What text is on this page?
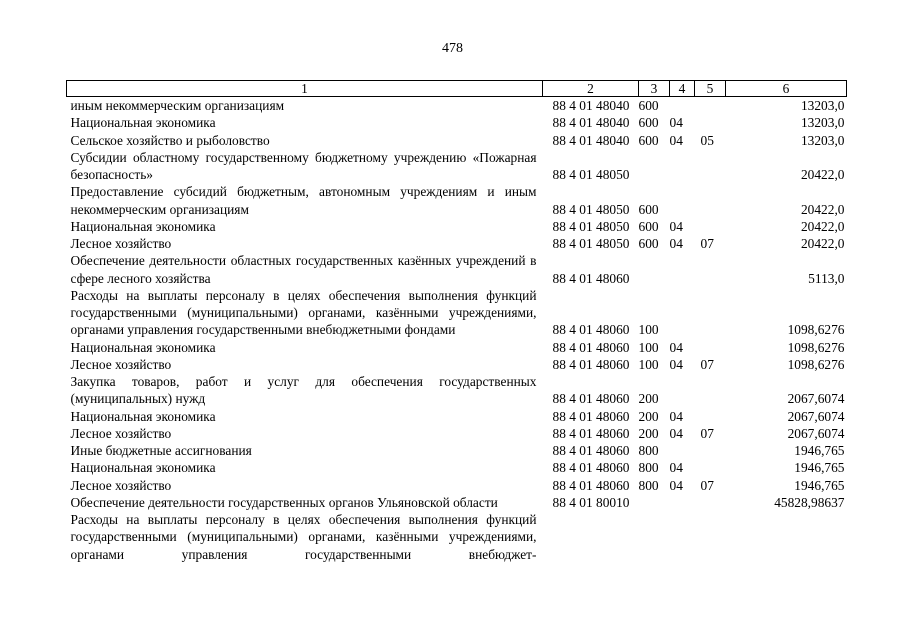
478
1	2	3	4	5	6
иным некоммерческим организациям	88 4 01 48040	600			13203,0
Национальная экономика	88 4 01 48040	600	04		13203,0
Сельское хозяйство и рыболовство	88 4 01 48040	600	04	05	13203,0
Субсидии областному государственному бюджетному учреждению «Пожарная безопасность»	88 4 01 48050				20422,0
Предоставление субсидий бюджетным, автономным учреждениям и иным некоммерческим организациям	88 4 01 48050	600			20422,0
Национальная экономика	88 4 01 48050	600	04		20422,0
Лесное хозяйство	88 4 01 48050	600	04	07	20422,0
Обеспечение деятельности областных государственных казённых учреждений в сфере лесного хозяйства	88 4 01 48060				5113,0
Расходы на выплаты персоналу в целях обеспечения выполнения функций государственными (муниципальными) органами, казёнными учреждениями, органами управления государственными внебюджетными фондами	88 4 01 48060	100			1098,6276
Национальная экономика	88 4 01 48060	100	04		1098,6276
Лесное хозяйство	88 4 01 48060	100	04	07	1098,6276
Закупка товаров, работ и услуг для обеспечения государственных (муниципальных) нужд	88 4 01 48060	200			2067,6074
Национальная экономика	88 4 01 48060	200	04		2067,6074
Лесное хозяйство	88 4 01 48060	200	04	07	2067,6074
Иные бюджетные ассигнования	88 4 01 48060	800			1946,765
Национальная экономика	88 4 01 48060	800	04		1946,765
Лесное хозяйство	88 4 01 48060	800	04	07	1946,765
Обеспечение деятельности государственных органов Ульяновской области	88 4 01 80010				45828,98637
Расходы на выплаты персоналу в целях обеспечения выполнения функций государственными (муниципальными) органами, казёнными учреждениями, органами управления государственными внебюджет-					
